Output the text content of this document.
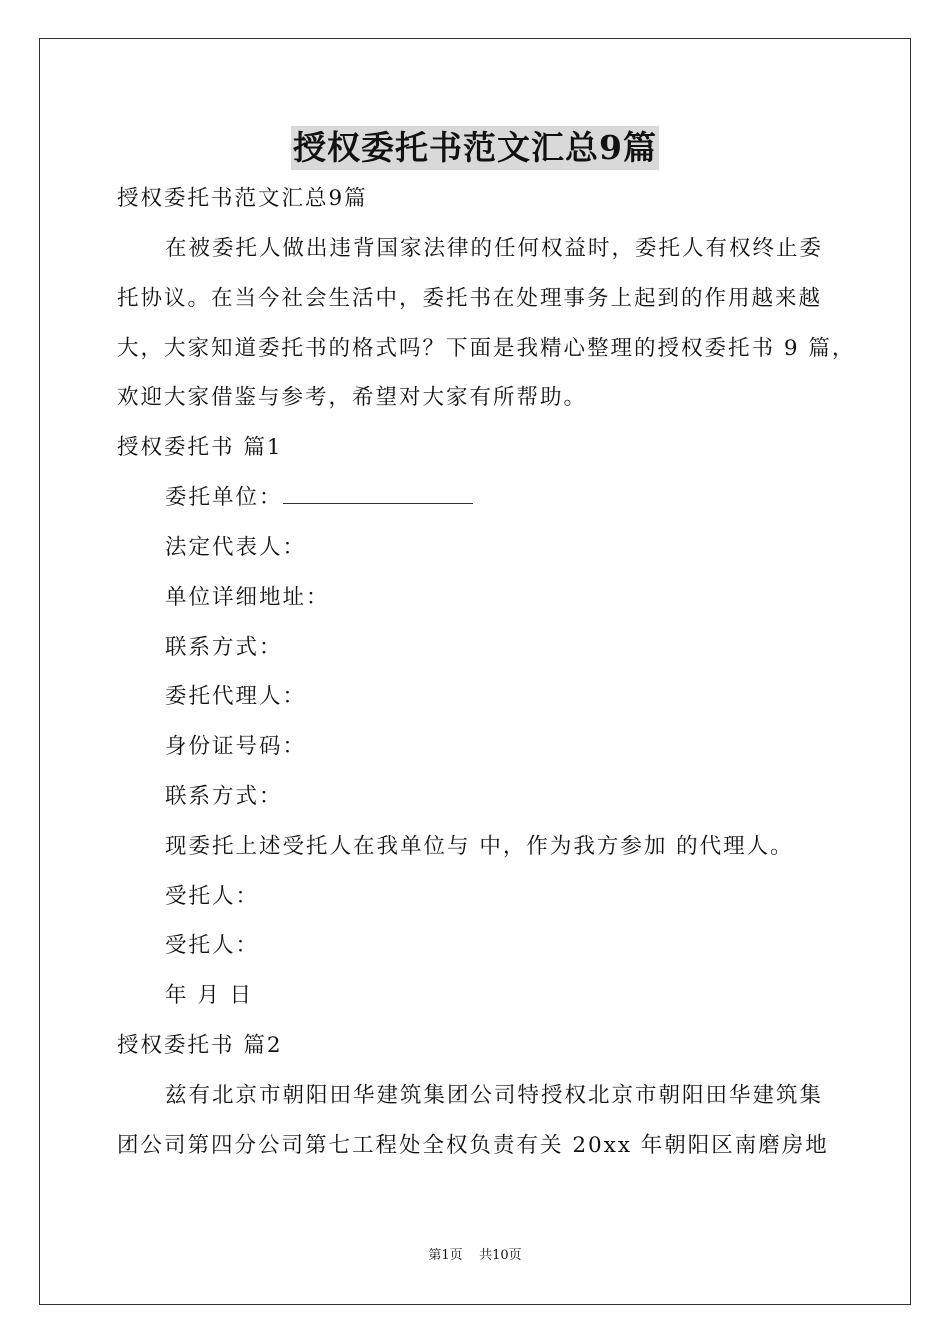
授权委托书范文汇总9篇
授权委托书范文汇总9篇
在被委托人做出违背国家法律的任何权益时，委托人有权终止委
托协议。在当今社会生活中，委托书在处理事务上起到的作用越来越
大，大家知道委托书的格式吗？下面是我精心整理的授权委托书 9 篇，
欢迎大家借鉴与参考，希望对大家有所帮助。
授权委托书 篇1
委托单位：
法定代表人：
单位详细地址：
联系方式：
委托代理人：
身份证号码：
联系方式：
现委托上述受托人在我单位与 中，作为我方参加 的代理人。
受托人：
受托人：
年 月 日
授权委托书 篇2
兹有北京市朝阳田华建筑集团公司特授权北京市朝阳田华建筑集
团公司第四分公司第七工程处全权负责有关 20xx 年朝阳区南磨房地
第1页    共10页
